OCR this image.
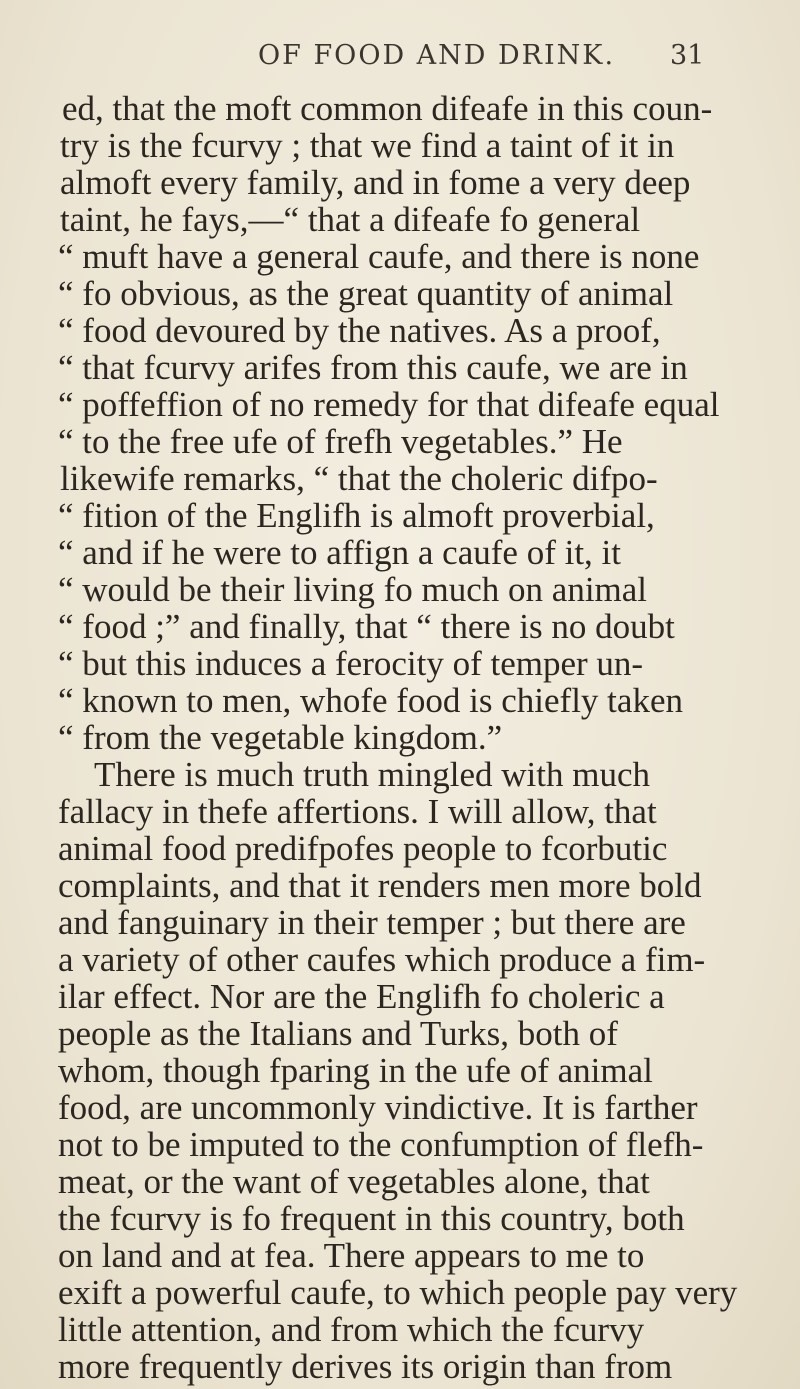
OF FOOD AND DRINK. 31
ed, that the moft common difeafe in this coun-
try is the fcurvy ; that we find a taint of it in
almoft every family, and in fome a very deep
taint, he fays,—“ that a difeafe fo general
“ muft have a general caufe, and there is none
“ fo obvious, as the great quantity of animal
“ food devoured by the natives. As a proof,
“ that fcurvy arifes from this caufe, we are in
“ poffeffion of no remedy for that difeafe equal
“ to the free ufe of frefh vegetables.” He
likewife remarks, “ that the choleric difpo-
“ fition of the Englifh is almoft proverbial,
“ and if he were to affign a caufe of it, it
“ would be their living fo much on animal
“ food ;” and finally, that “ there is no doubt
“ but this induces a ferocity of temper un-
“ known to men, whofe food is chiefly taken
“ from the vegetable kingdom.”
There is much truth mingled with much
fallacy in thefe affertions. I will allow, that
animal food predifpofes people to fcorbutic
complaints, and that it renders men more bold
and fanguinary in their temper ; but there are
a variety of other caufes which produce a fim-
ilar effect. Nor are the Englifh fo choleric a
people as the Italians and Turks, both of
whom, though fparing in the ufe of animal
food, are uncommonly vindictive. It is farther
not to be imputed to the confumption of flefh-
meat, or the want of vegetables alone, that
the fcurvy is fo frequent in this country, both
on land and at fea. There appears to me to
exift a powerful caufe, to which people pay very
little attention, and from which the fcurvy
more frequently derives its origin than from
